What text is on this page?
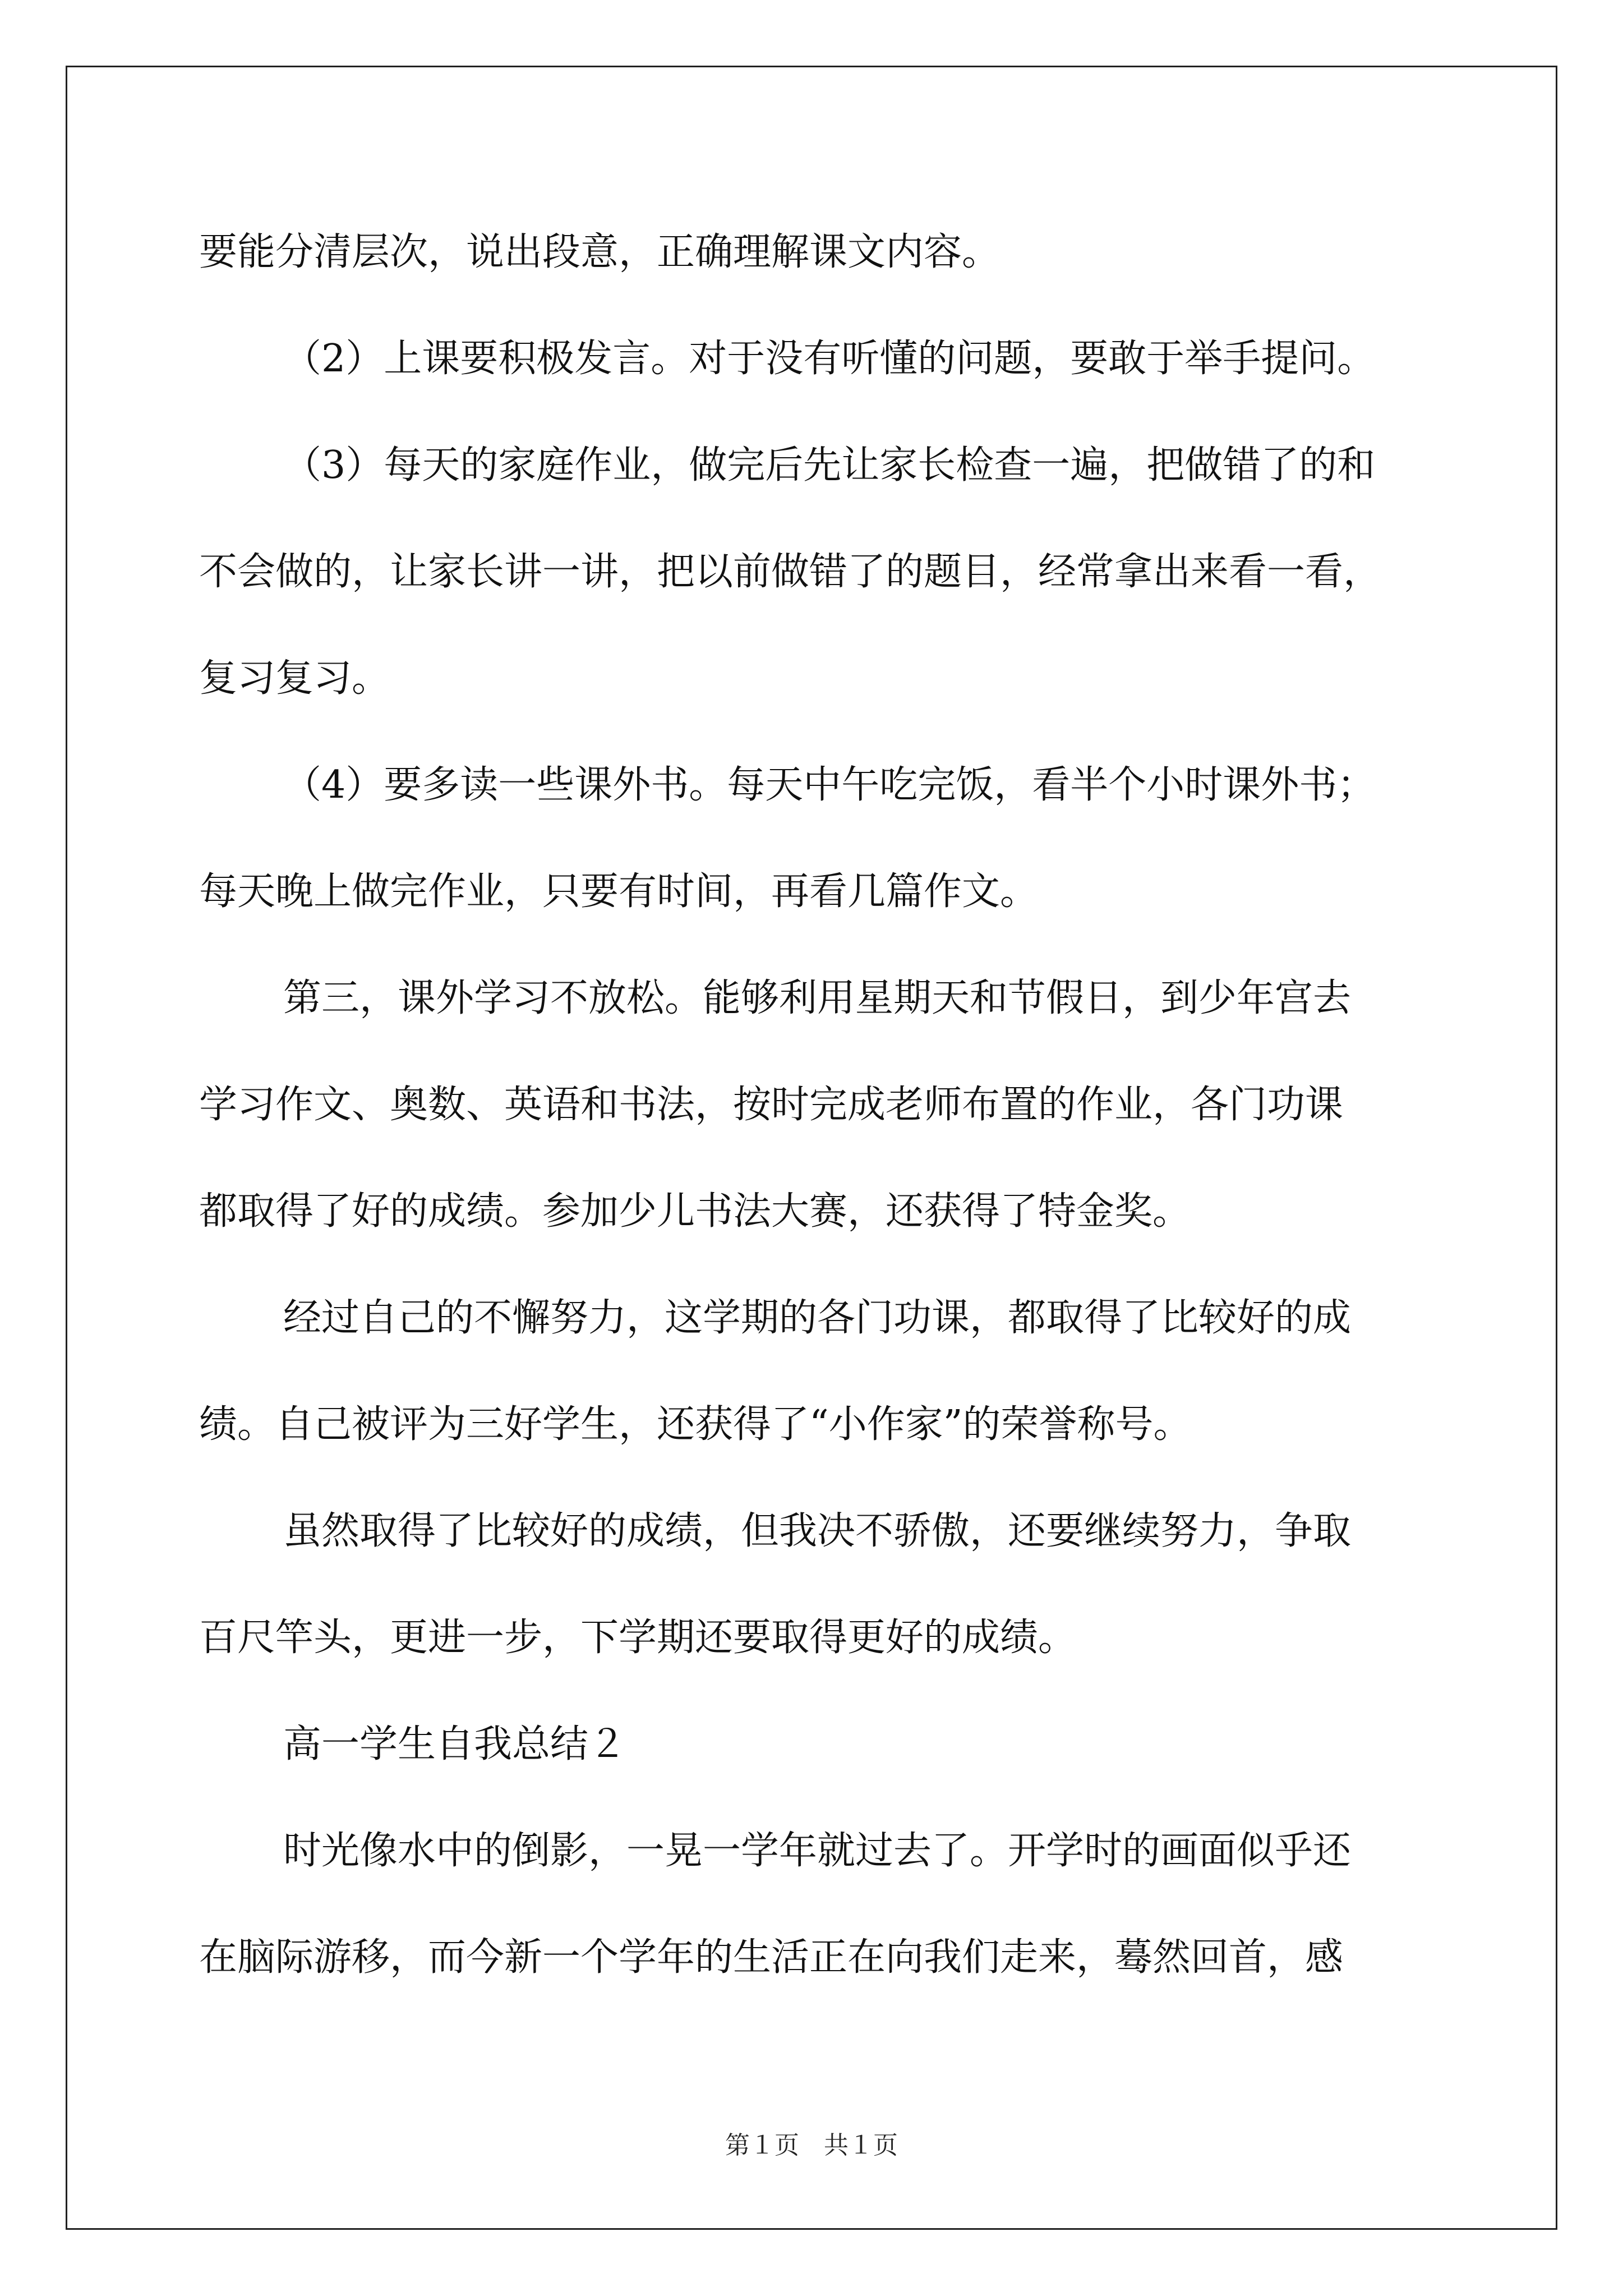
要能分清层次，说出段意，正确理解课文内容。
（2）上课要积极发言。对于没有听懂的问题，要敢于举手提问。
（3）每天的家庭作业，做完后先让家长检查一遍，把做错了的和
不会做的，让家长讲一讲，把以前做错了的题目，经常拿出来看一看，
复习复习。
（4）要多读一些课外书。每天中午吃完饭，看半个小时课外书；
每天晚上做完作业，只要有时间，再看几篇作文。
第三，课外学习不放松。能够利用星期天和节假日，到少年宫去
学习作文、奥数、英语和书法，按时完成老师布置的作业，各门功课
都取得了好的成绩。参加少儿书法大赛，还获得了特金奖。
经过自己的不懈努力，这学期的各门功课，都取得了比较好的成
绩。自己被评为三好学生，还获得了“小作家”的荣誉称号。
虽然取得了比较好的成绩，但我决不骄傲，还要继续努力，争取
百尺竿头，更进一步，下学期还要取得更好的成绩。
高一学生自我总结２
时光像水中的倒影，一晃一学年就过去了。开学时的画面似乎还
在脑际游移，而今新一个学年的生活正在向我们走来，蓦然回首，感
第１页　共１页
